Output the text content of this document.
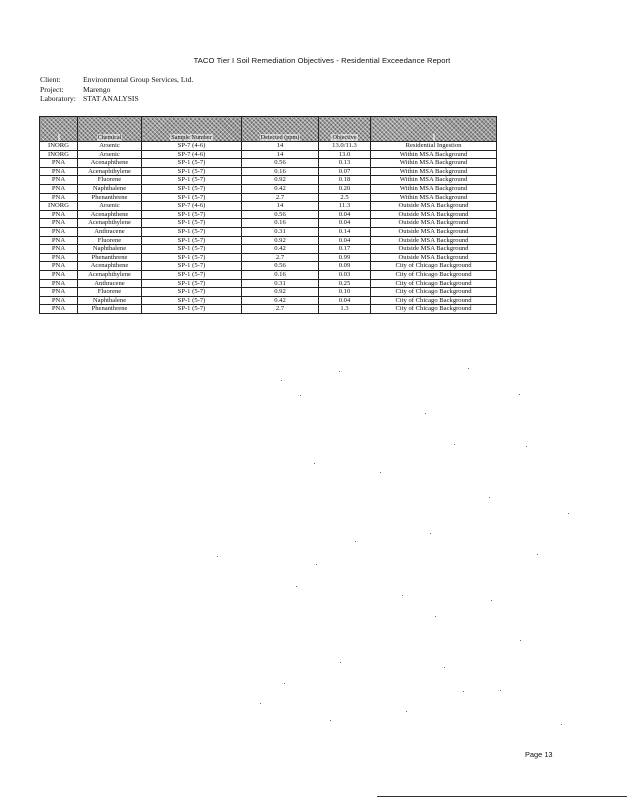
TACO Tier I Soil Remediation Objectives - Residential Exceedance Report
Client:	Environmental Group Services, Ltd.
Project:	Marengo
Laboratory: STAT ANALYSIS
	Chemical	Sample Number	Detected (ppm)	Objective	
INORG	Arsenic	SP-7 (4-6)	14	13.0/11.3	Residential Ingestion
INORG	Arsenic	SP-7 (4-6)	14	13.0	Within MSA Background
PNA	Acenaphthene	SP-1 (5-7)	0.56	0.13	Within MSA Background
PNA	Acenaphthylene	SP-1 (5-7)	0.16	0.07	Within MSA Background
PNA	Fluorene	SP-1 (5-7)	0.92	0.18	Within MSA Background
PNA	Naphthalene	SP-1 (5-7)	0.42	0.20	Within MSA Background
PNA	Phenanthrene	SP-1 (5-7)	2.7	2.5	Within MSA Background
INORG	Arsenic	SP-7 (4-6)	14	11.3	Outside MSA Background
PNA	Acenaphthene	SP-1 (5-7)	0.56	0.04	Outside MSA Background
PNA	Acenaphthylene	SP-1 (5-7)	0.16	0.04	Outside MSA Background
PNA	Anthracene	SP-1 (5-7)	0.31	0.14	Outside MSA Background
PNA	Fluorene	SP-1 (5-7)	0.92	0.04	Outside MSA Background
PNA	Naphthalene	SP-1 (5-7)	0.42	0.17	Outside MSA Background
PNA	Phenanthrene	SP-1 (5-7)	2.7	0.99	Outside MSA Background
PNA	Acenaphthene	SP-1 (5-7)	0.56	0.09	City of Chicago Background
PNA	Acenaphthylene	SP-1 (5-7)	0.16	0.03	City of Chicago Background
PNA	Anthracene	SP-1 (5-7)	0.31	0.25	City of Chicago Background
PNA	Fluorene	SP-1 (5-7)	0.92	0.10	City of Chicago Background
PNA	Naphthalene	SP-1 (5-7)	0.42	0.04	City of Chicago Background
PNA	Phenanthrene	SP-1 (5-7)	2.7	1.3	City of Chicago Background
Page 13
